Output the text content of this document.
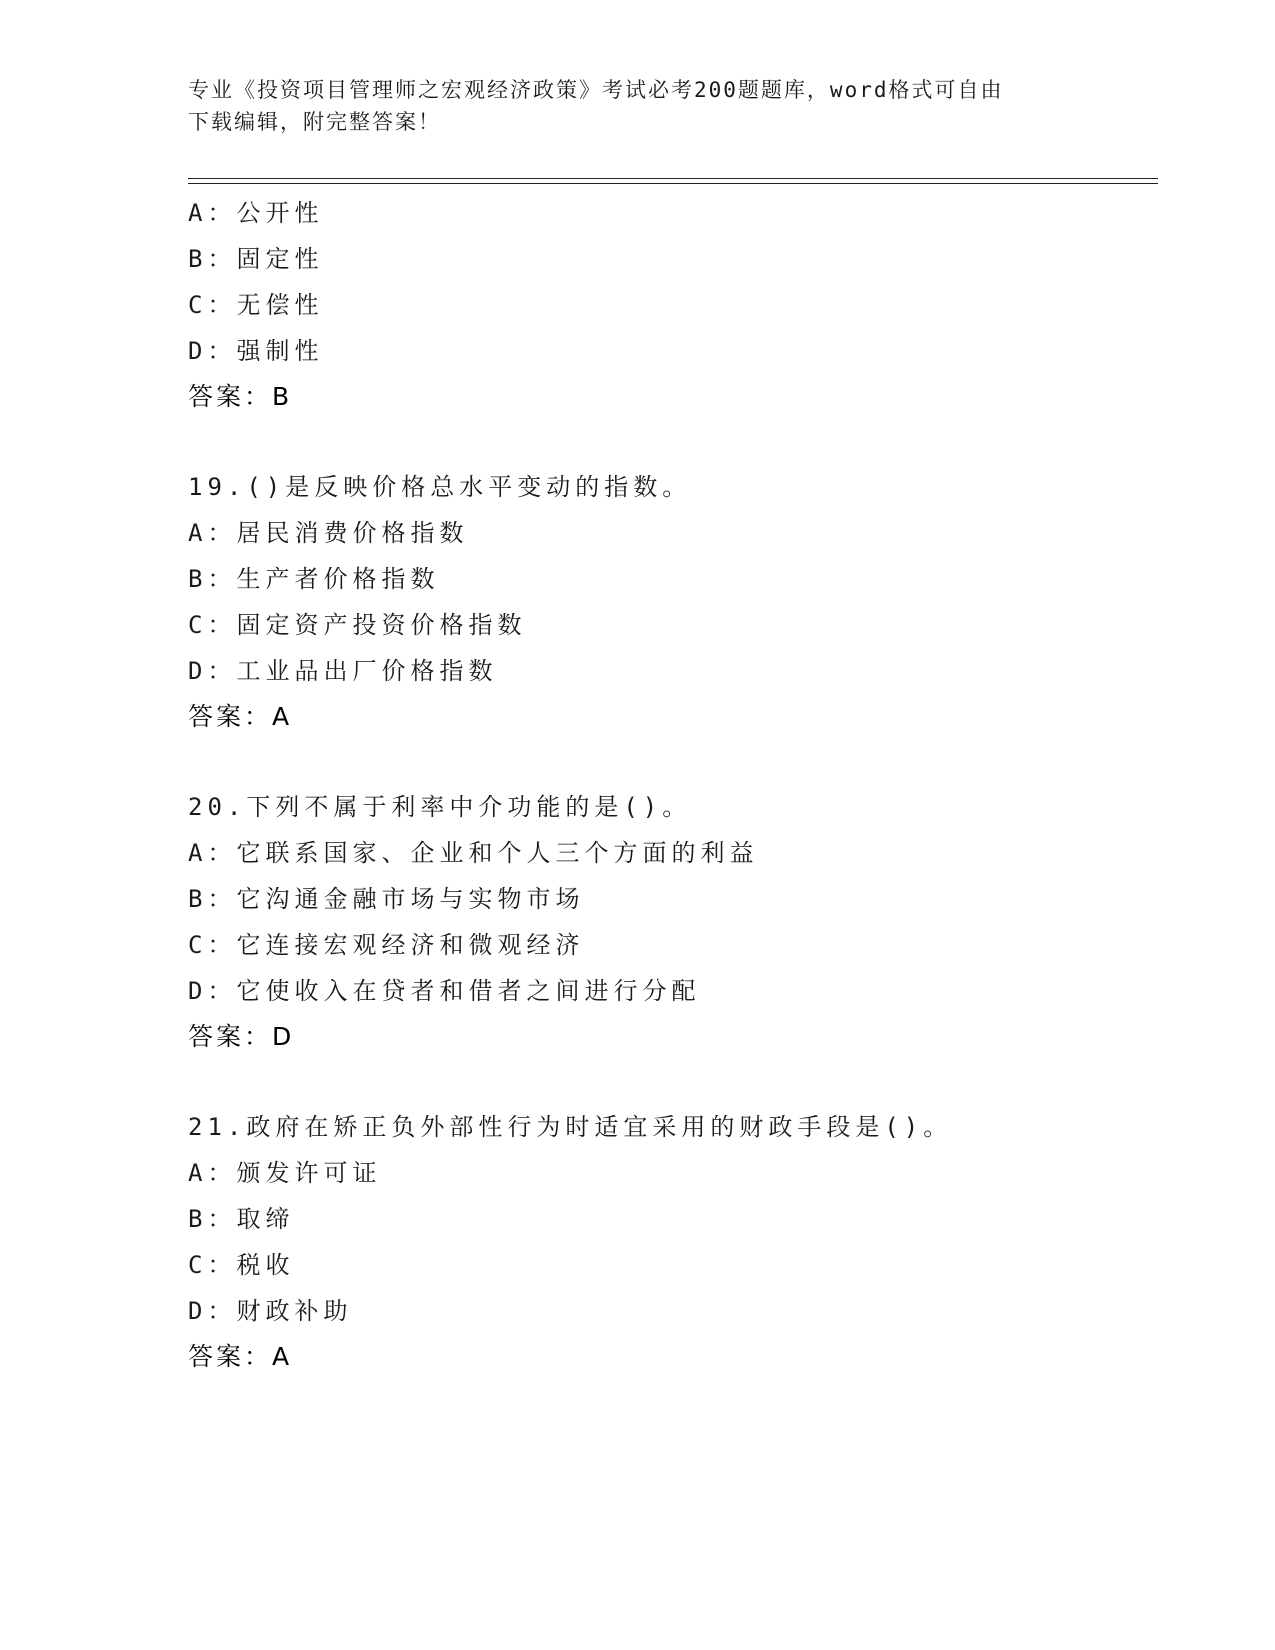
专业《投资项目管理师之宏观经济政策》考试必考200题题库，word格式可自由
下载编辑，附完整答案！
A：公开性
B：固定性
C：无偿性
D：强制性
答案：B
19.()是反映价格总水平变动的指数。
A：居民消费价格指数
B：生产者价格指数
C：固定资产投资价格指数
D：工业品出厂价格指数
答案：A
20.下列不属于利率中介功能的是()。
A：它联系国家、企业和个人三个方面的利益
B：它沟通金融市场与实物市场
C：它连接宏观经济和微观经济
D：它使收入在贷者和借者之间进行分配
答案：D
21.政府在矫正负外部性行为时适宜采用的财政手段是()。
A：颁发许可证
B：取缔
C：税收
D：财政补助
答案：A
